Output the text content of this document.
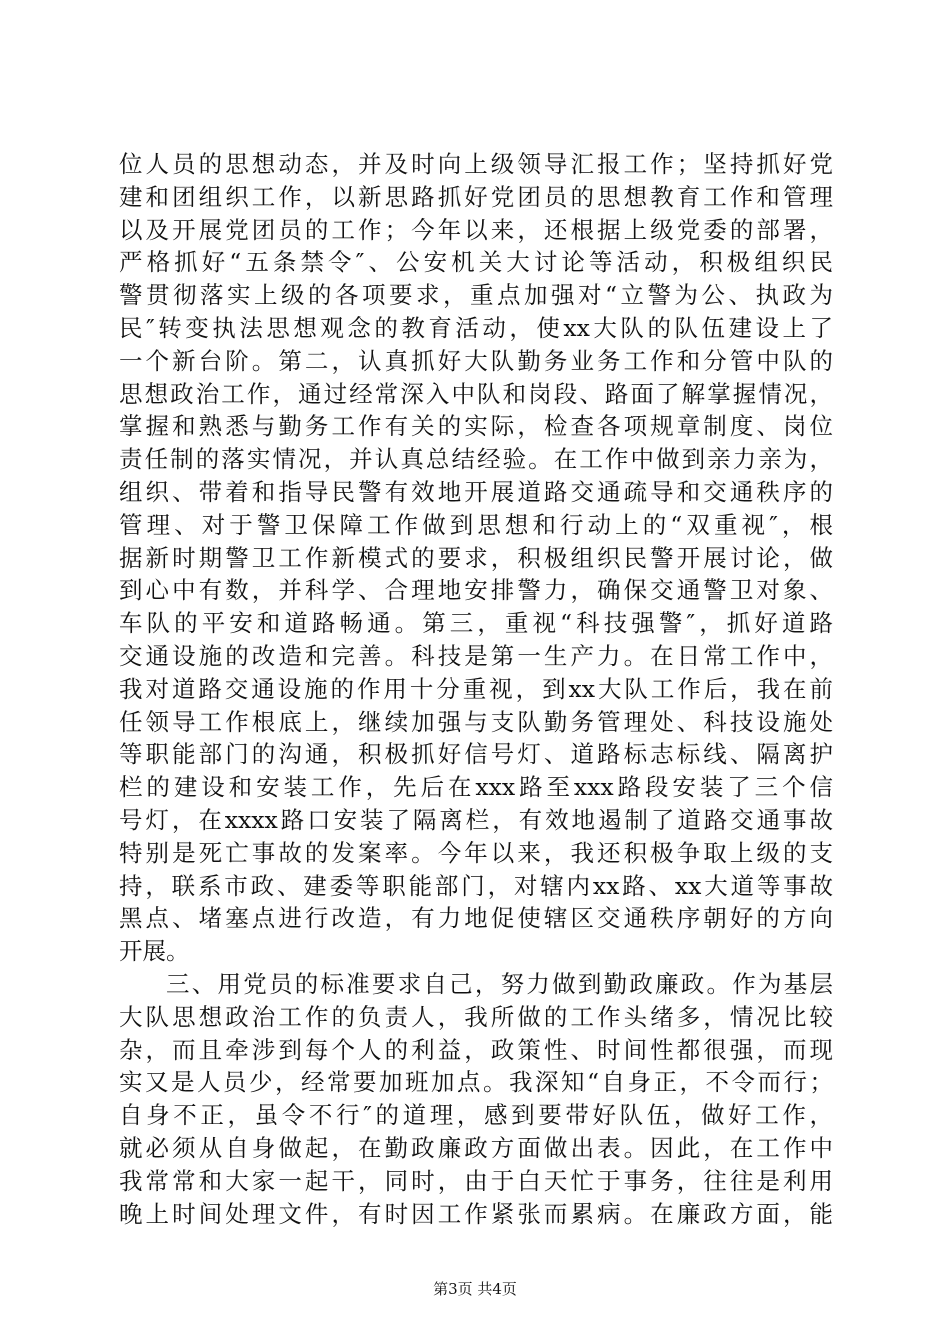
位人员的思想动态，并及时向上级领导汇报工作；坚持抓好党
建和团组织工作，以新思路抓好党团员的思想教育工作和管理
以及开展党团员的工作；今年以来，还根据上级党委的部署，
严格抓好“五条禁令″、公安机关大讨论等活动，积极组织民
警贯彻落实上级的各项要求，重点加强对“立警为公、执政为
民″转变执法思想观念的教育活动，使xx大队的队伍建设上了
一个新台阶。第二，认真抓好大队勤务业务工作和分管中队的
思想政治工作，通过经常深入中队和岗段、路面了解掌握情况，
掌握和熟悉与勤务工作有关的实际，检查各项规章制度、岗位
责任制的落实情况，并认真总结经验。在工作中做到亲力亲为，
组织、带着和指导民警有效地开展道路交通疏导和交通秩序的
管理、对于警卫保障工作做到思想和行动上的“双重视″，根
据新时期警卫工作新模式的要求，积极组织民警开展讨论，做
到心中有数，并科学、合理地安排警力，确保交通警卫对象、
车队的平安和道路畅通。第三，重视“科技强警″，抓好道路
交通设施的改造和完善。科技是第一生产力。在日常工作中，
我对道路交通设施的作用十分重视，到xx大队工作后，我在前
任领导工作根底上，继续加强与支队勤务管理处、科技设施处
等职能部门的沟通，积极抓好信号灯、道路标志标线、隔离护
栏的建设和安装工作，先后在xxx路至xxx路段安装了三个信
号灯，在xxxx路口安装了隔离栏，有效地遏制了道路交通事故
特别是死亡事故的发案率。今年以来，我还积极争取上级的支
持，联系市政、建委等职能部门，对辖内xx路、xx大道等事故
黑点、堵塞点进行改造，有力地促使辖区交通秩序朝好的方向
开展。
三、用党员的标准要求自己，努力做到勤政廉政。作为基层
大队思想政治工作的负责人，我所做的工作头绪多，情况比较
杂，而且牵涉到每个人的利益，政策性、时间性都很强，而现
实又是人员少，经常要加班加点。我深知“自身正，不令而行；
自身不正，虽令不行″的道理，感到要带好队伍，做好工作，
就必须从自身做起，在勤政廉政方面做出表。因此，在工作中
我常常和大家一起干，同时，由于白天忙于事务，往往是利用
晚上时间处理文件，有时因工作紧张而累病。在廉政方面，能
第3页 共4页
